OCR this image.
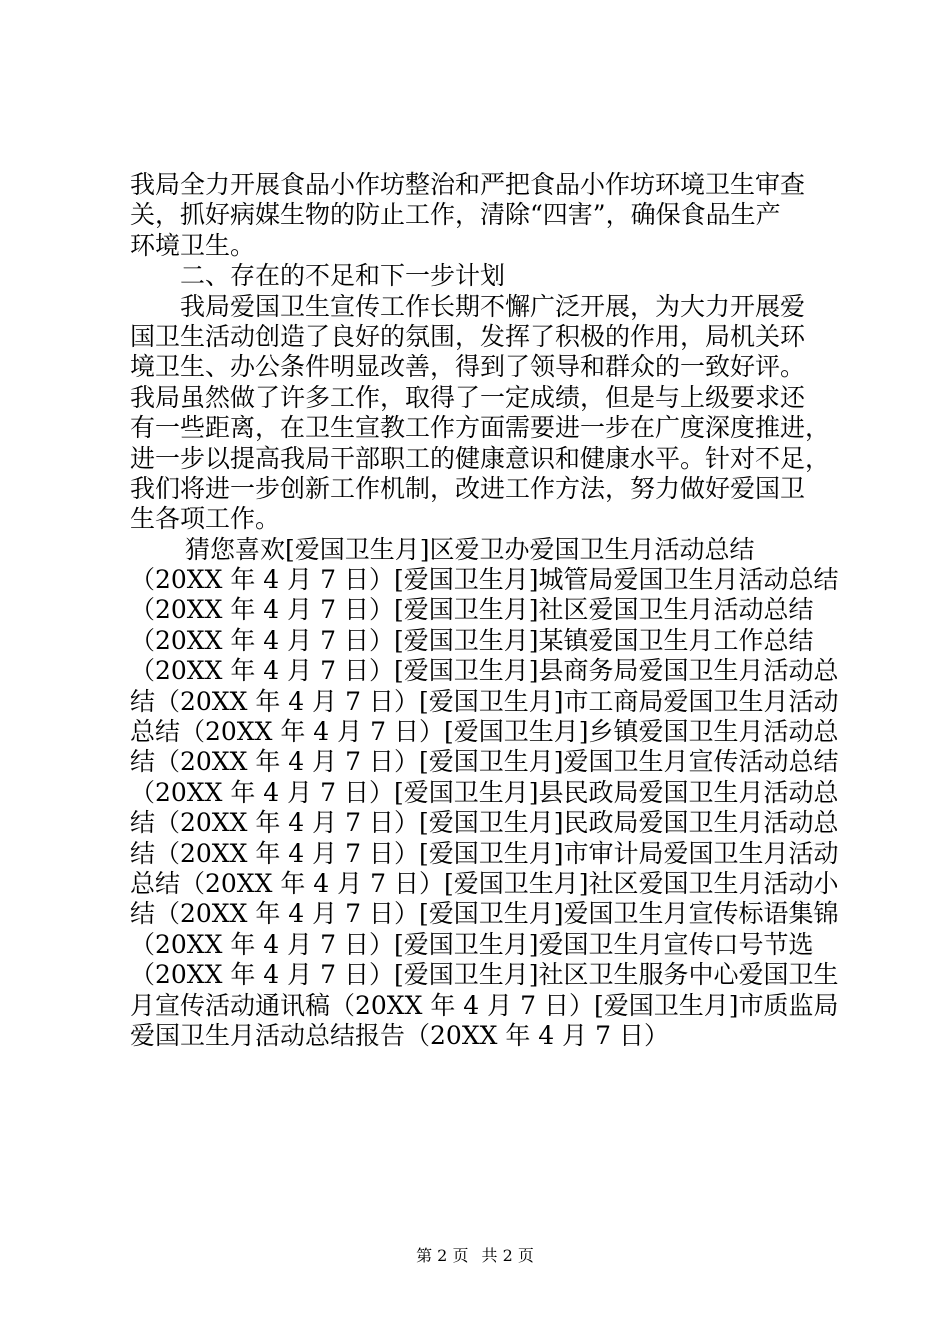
我局全力开展食品小作坊整治和严把食品小作坊环境卫生审查
关，抓好病媒生物的防止工作，清除“四害”，确保食品生产
环境卫生。
二、存在的不足和下一步计划
我局爱国卫生宣传工作长期不懈广泛开展，为大力开展爱
国卫生活动创造了良好的氛围，发挥了积极的作用，局机关环
境卫生、办公条件明显改善，得到了领导和群众的一致好评。
我局虽然做了许多工作，取得了一定成绩，但是与上级要求还
有一些距离，在卫生宣教工作方面需要进一步在广度深度推进，
进一步以提高我局干部职工的健康意识和健康水平。针对不足，
我们将进一步创新工作机制，改进工作方法，努力做好爱国卫
生各项工作。
猜您喜欢[爱国卫生月]区爱卫办爱国卫生月活动总结
（20XX 年 4 月 7 日）[爱国卫生月]城管局爱国卫生月活动总结
（20XX 年 4 月 7 日）[爱国卫生月]社区爱国卫生月活动总结
（20XX 年 4 月 7 日）[爱国卫生月]某镇爱国卫生月工作总结
（20XX 年 4 月 7 日）[爱国卫生月]县商务局爱国卫生月活动总
结（20XX 年 4 月 7 日）[爱国卫生月]市工商局爱国卫生月活动
总结（20XX 年 4 月 7 日）[爱国卫生月]乡镇爱国卫生月活动总
结（20XX 年 4 月 7 日）[爱国卫生月]爱国卫生月宣传活动总结
（20XX 年 4 月 7 日）[爱国卫生月]县民政局爱国卫生月活动总
结（20XX 年 4 月 7 日）[爱国卫生月]民政局爱国卫生月活动总
结（20XX 年 4 月 7 日）[爱国卫生月]市审计局爱国卫生月活动
总结（20XX 年 4 月 7 日）[爱国卫生月]社区爱国卫生月活动小
结（20XX 年 4 月 7 日）[爱国卫生月]爱国卫生月宣传标语集锦
（20XX 年 4 月 7 日）[爱国卫生月]爱国卫生月宣传口号节选
（20XX 年 4 月 7 日）[爱国卫生月]社区卫生服务中心爱国卫生
月宣传活动通讯稿（20XX 年 4 月 7 日）[爱国卫生月]市质监局
爱国卫生月活动总结报告（20XX 年 4 月 7 日）
第 2 页 共 2 页
